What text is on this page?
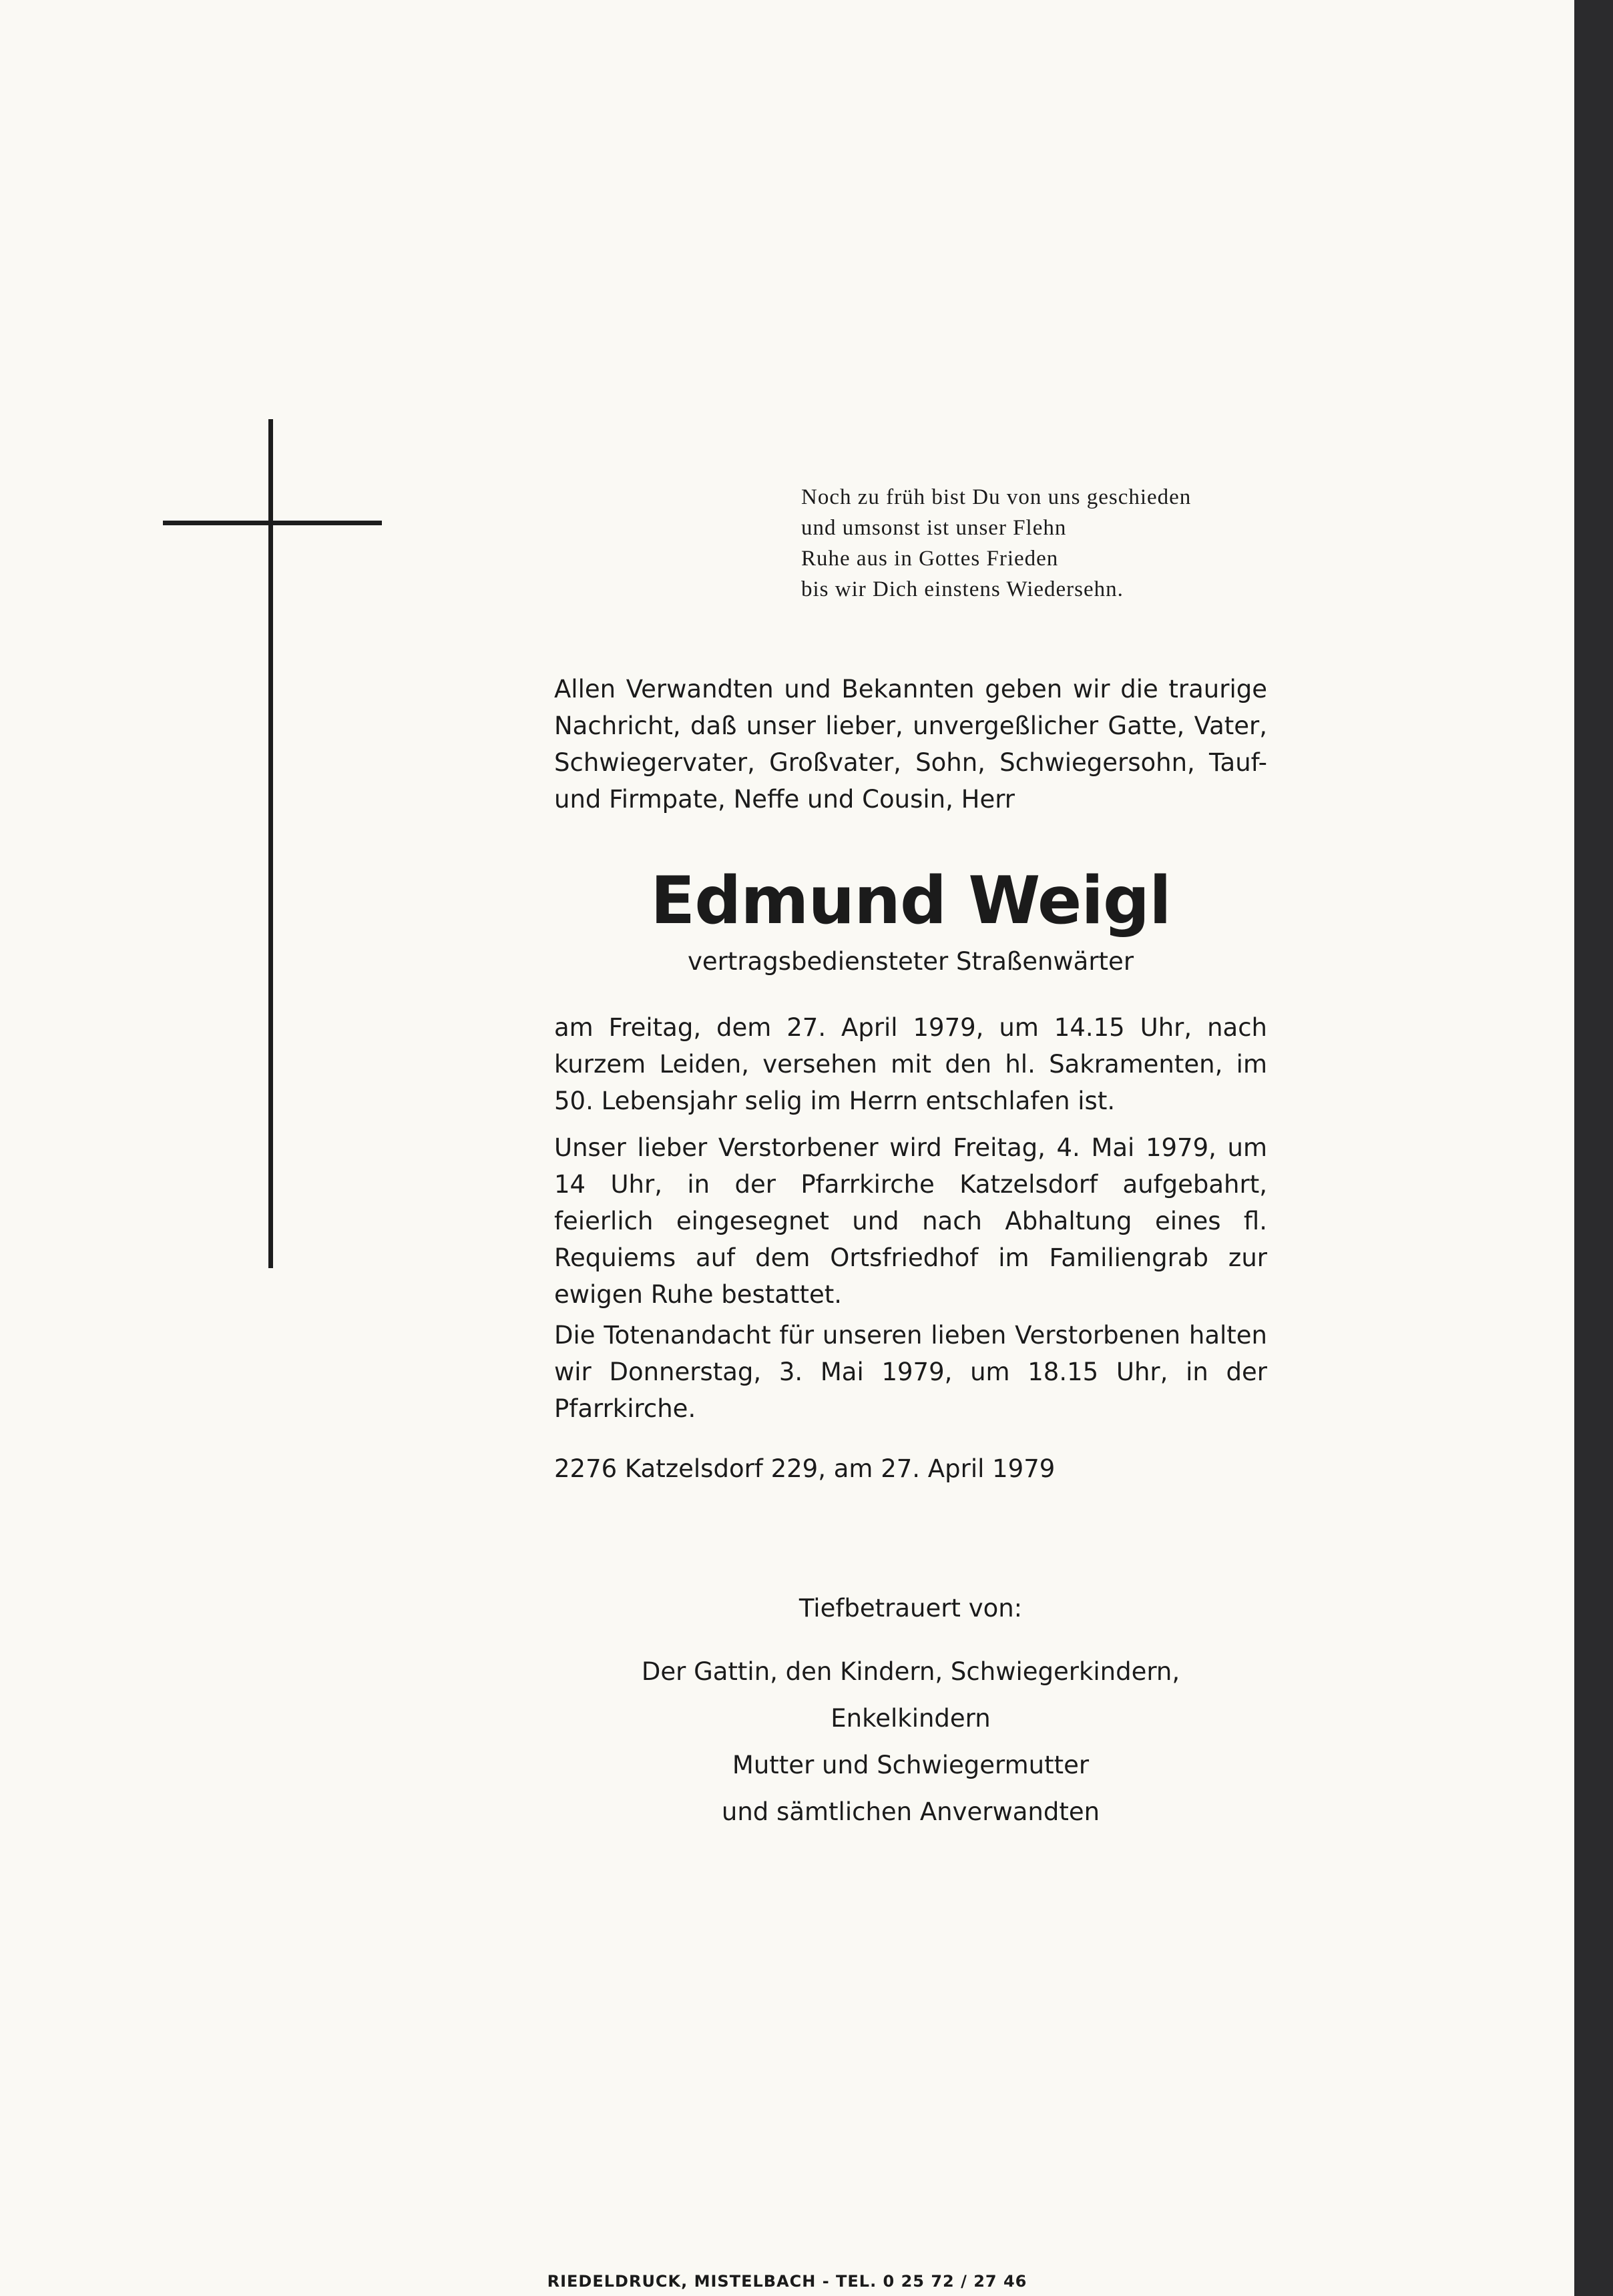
Noch zu früh bist Du von uns geschieden
und umsonst ist unser Flehn
Ruhe aus in Gottes Frieden
bis wir Dich einstens Wiedersehn.
Allen Verwandten und Bekannten geben wir die traurige Nachricht, daß unser lieber, unvergeßlicher Gatte, Vater, Schwiegervater, Großvater, Sohn, Schwiegersohn, Tauf- und Firmpate, Neffe und Cousin, Herr
Edmund Weigl
vertragsbediensteter Straßenwärter
am Freitag, dem 27. April 1979, um 14.15 Uhr, nach kurzem Leiden, versehen mit den hl. Sakramenten, im 50. Lebensjahr selig im Herrn entschlafen ist.
Unser lieber Verstorbener wird Freitag, 4. Mai 1979, um 14 Uhr, in der Pfarrkirche Katzelsdorf aufgebahrt, feierlich eingesegnet und nach Abhaltung eines fl. Requiems auf dem Ortsfriedhof im Familiengrab zur ewigen Ruhe bestattet.
Die Totenandacht für unseren lieben Verstorbenen halten wir Donnerstag, 3. Mai 1979, um 18.15 Uhr, in der Pfarrkirche.
2276 Katzelsdorf 229, am 27. April 1979
Tiefbetrauert von:
Der Gattin, den Kindern, Schwiegerkindern,
Enkelkindern
Mutter und Schwiegermutter
und sämtlichen Anverwandten
RIEDELDRUCK, MISTELBACH - TEL. 0 25 72 / 27 46
